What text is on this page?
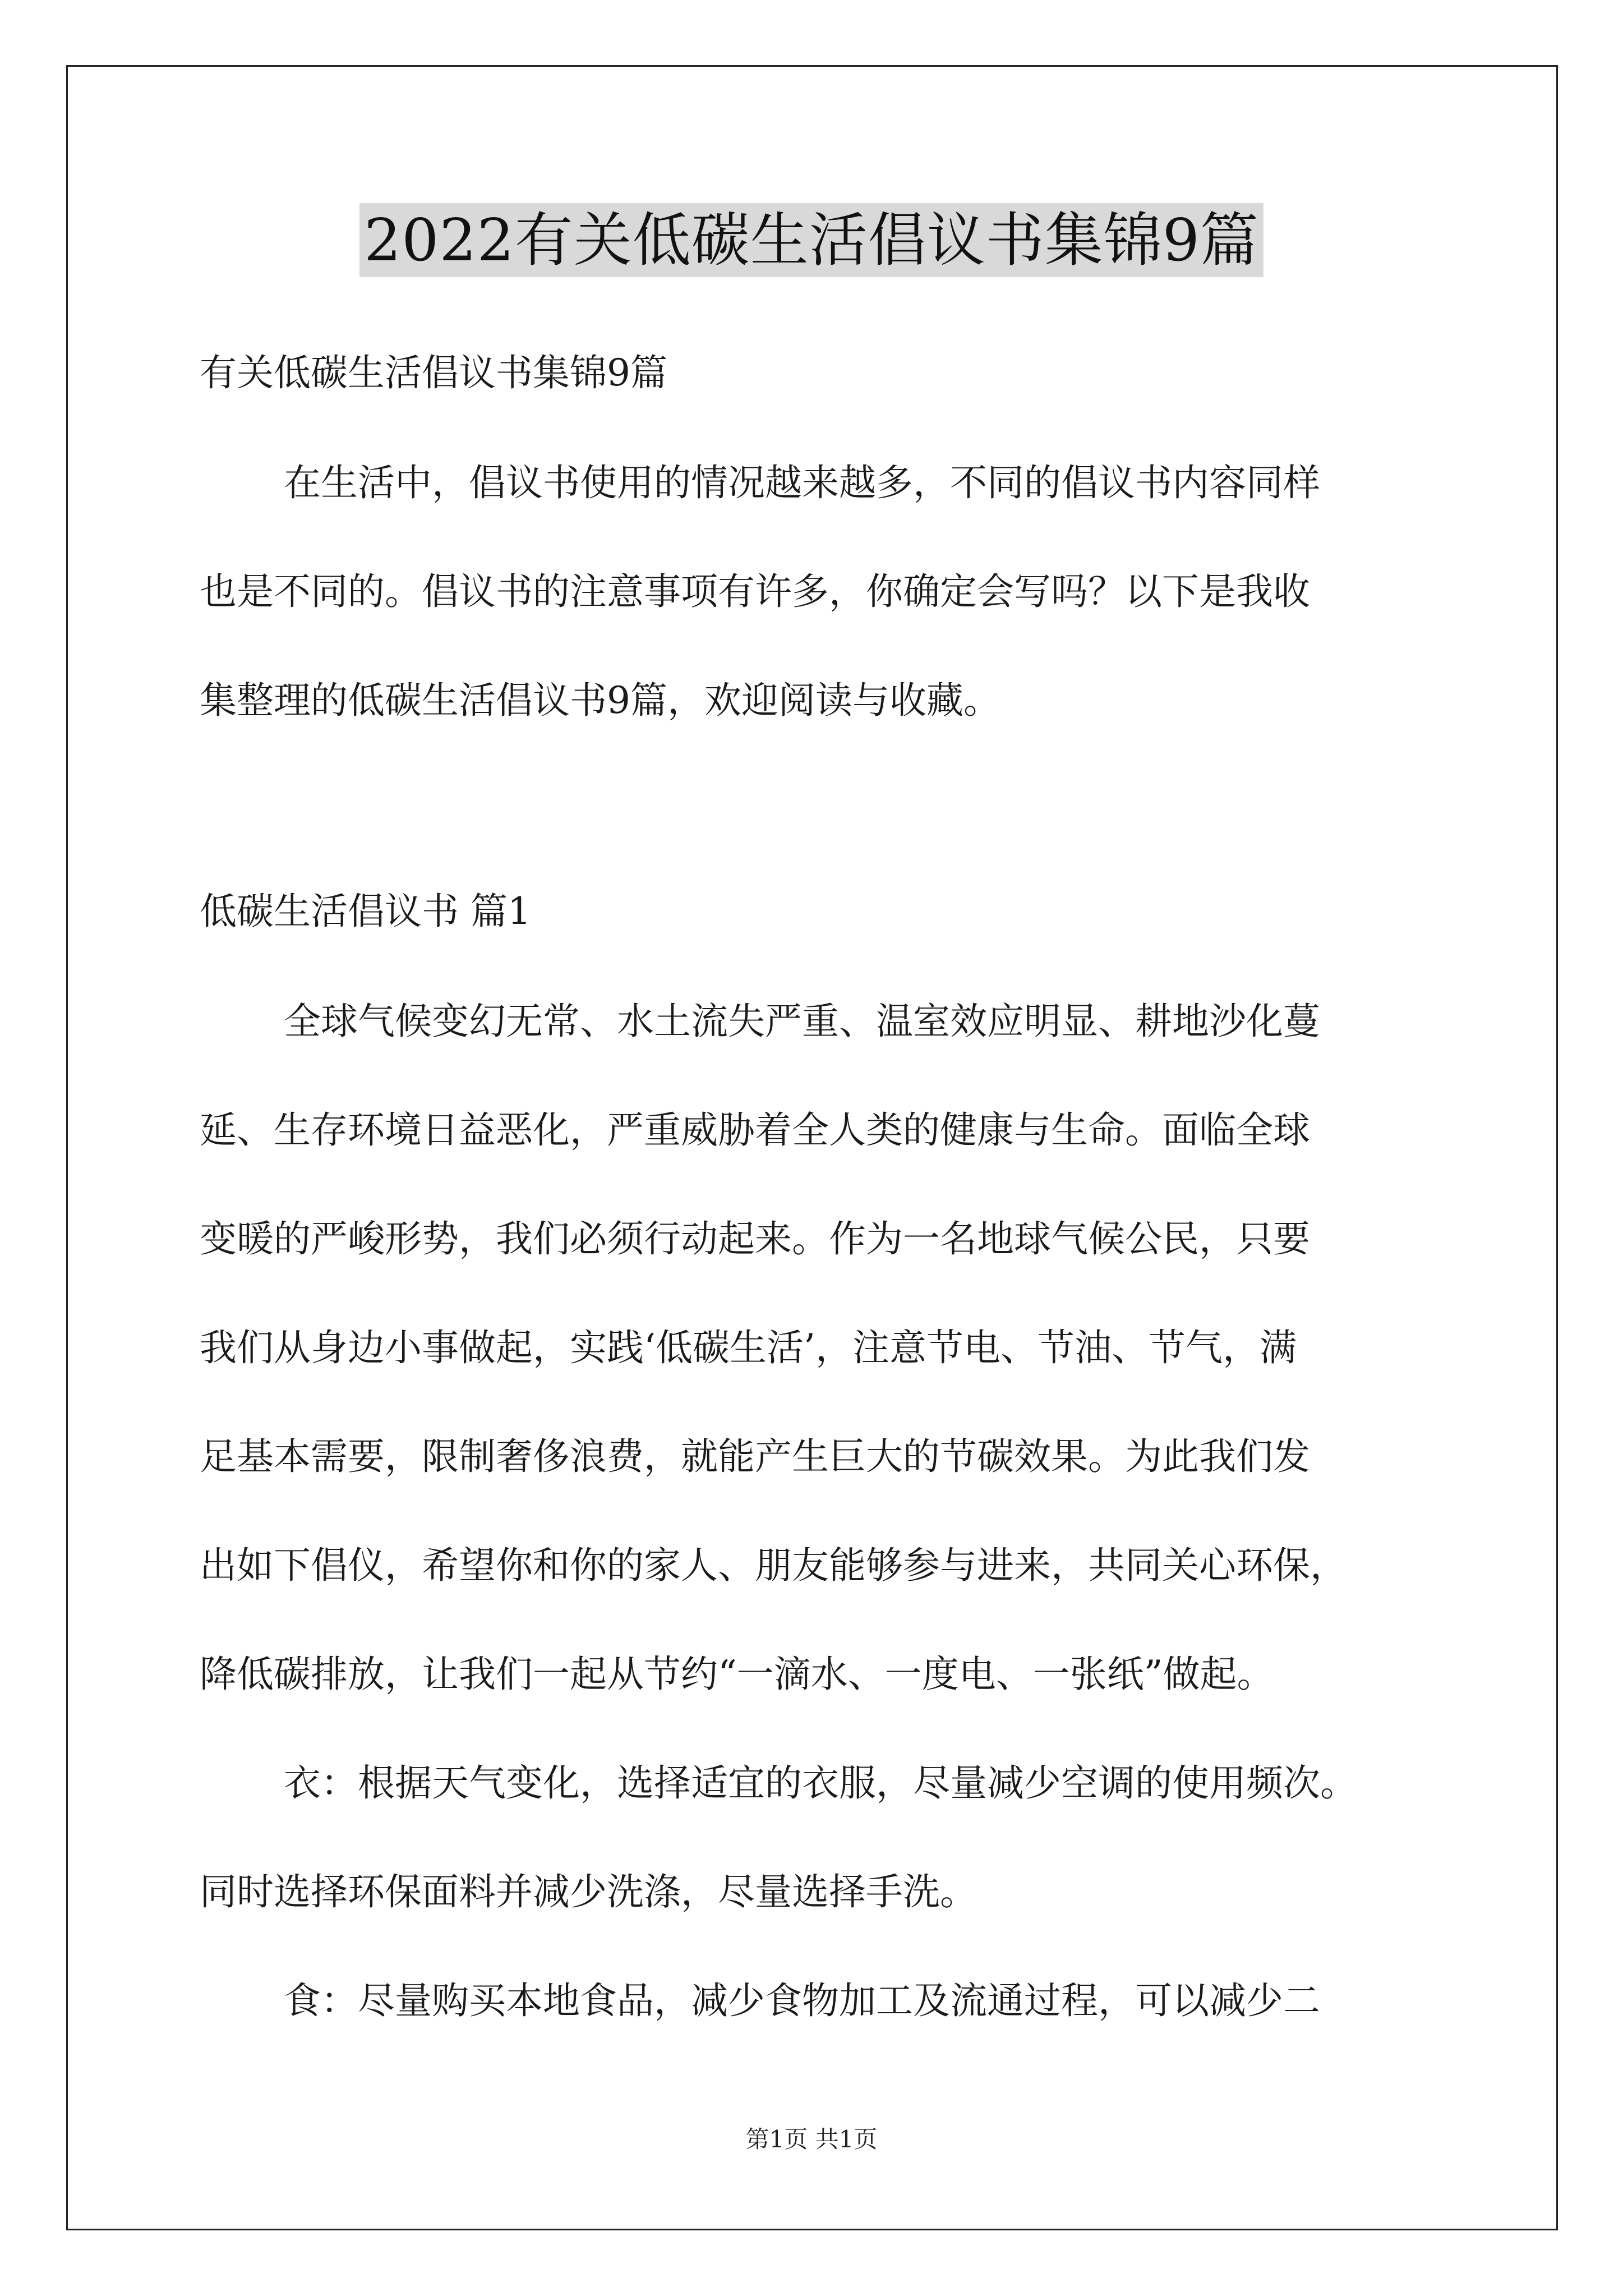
2022有关低碳生活倡议书集锦9篇
有关低碳生活倡议书集锦9篇
在生活中，倡议书使用的情况越来越多，不同的倡议书内容同样
也是不同的。倡议书的注意事项有许多，你确定会写吗？以下是我收
集整理的低碳生活倡议书9篇，欢迎阅读与收藏。
低碳生活倡议书 篇1
全球气候变幻无常、水土流失严重、温室效应明显、耕地沙化蔓
延、生存环境日益恶化，严重威胁着全人类的健康与生命。面临全球
变暖的严峻形势，我们必须行动起来。作为一名地球气候公民，只要
我们从身边小事做起，实践‘低碳生活’，注意节电、节油、节气，满
足基本需要，限制奢侈浪费，就能产生巨大的节碳效果。为此我们发
出如下倡仪，希望你和你的家人、朋友能够参与进来，共同关心环保，
降低碳排放，让我们一起从节约“一滴水、一度电、一张纸”做起。
衣：根据天气变化，选择适宜的衣服，尽量减少空调的使用频次。
同时选择环保面料并减少洗涤，尽量选择手洗。
食：尽量购买本地食品，减少食物加工及流通过程，可以减少二
第1页 共1页
